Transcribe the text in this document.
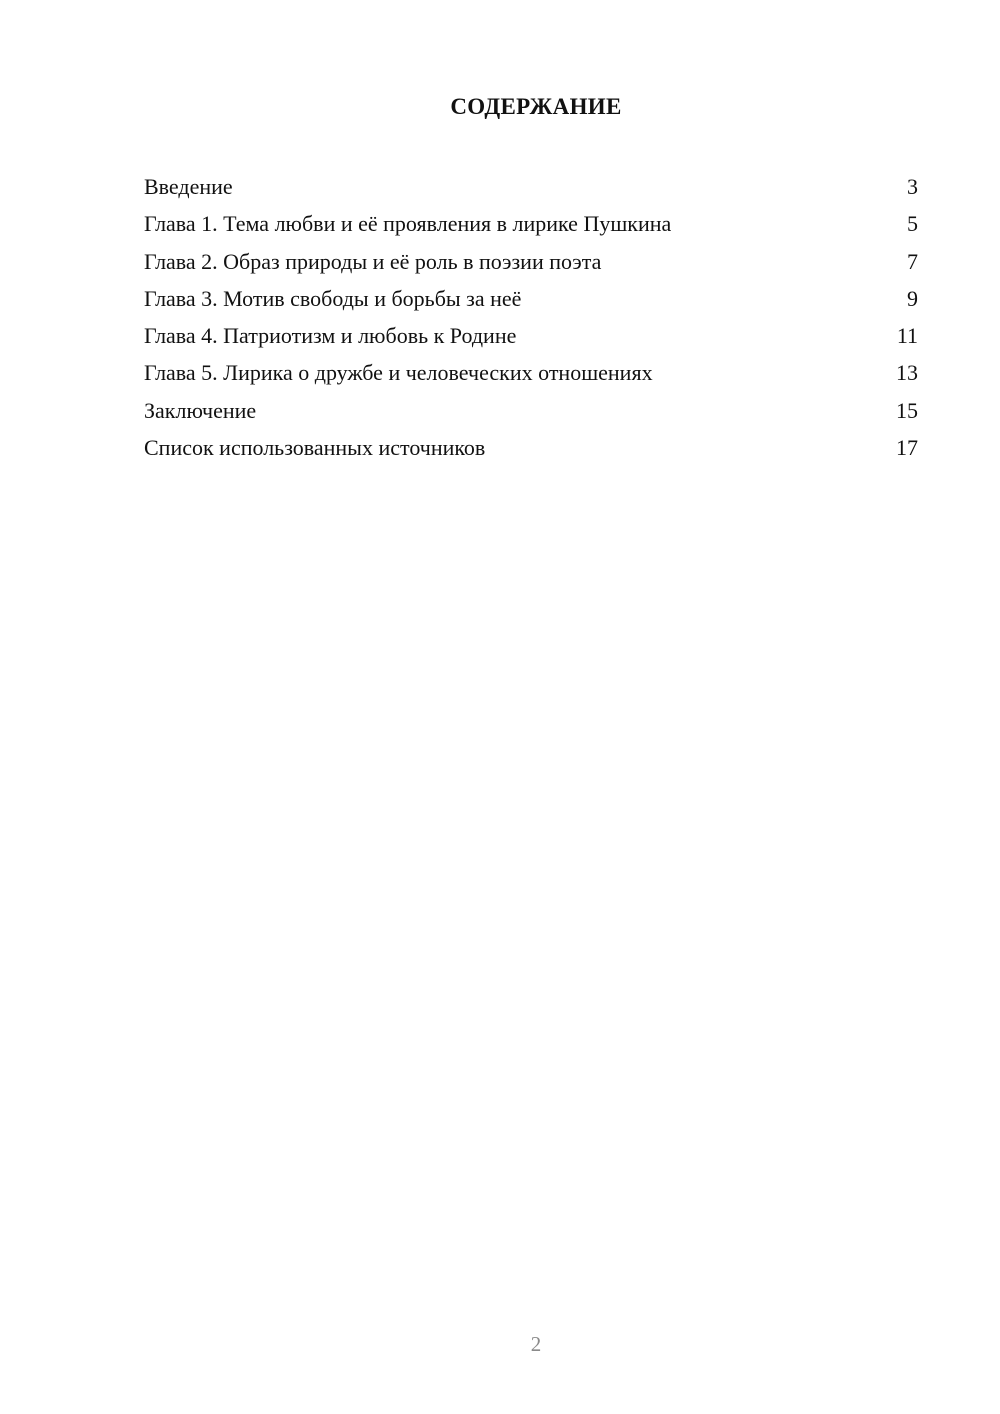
СОДЕРЖАНИЕ
Введение	3
Глава 1. Тема любви и её проявления в лирике Пушкина	5
Глава 2. Образ природы и её роль в поэзии поэта	7
Глава 3. Мотив свободы и борьбы за неё	9
Глава 4. Патриотизм и любовь к Родине	11
Глава 5. Лирика о дружбе и человеческих отношениях	13
Заключение	15
Список использованных источников	17
2
